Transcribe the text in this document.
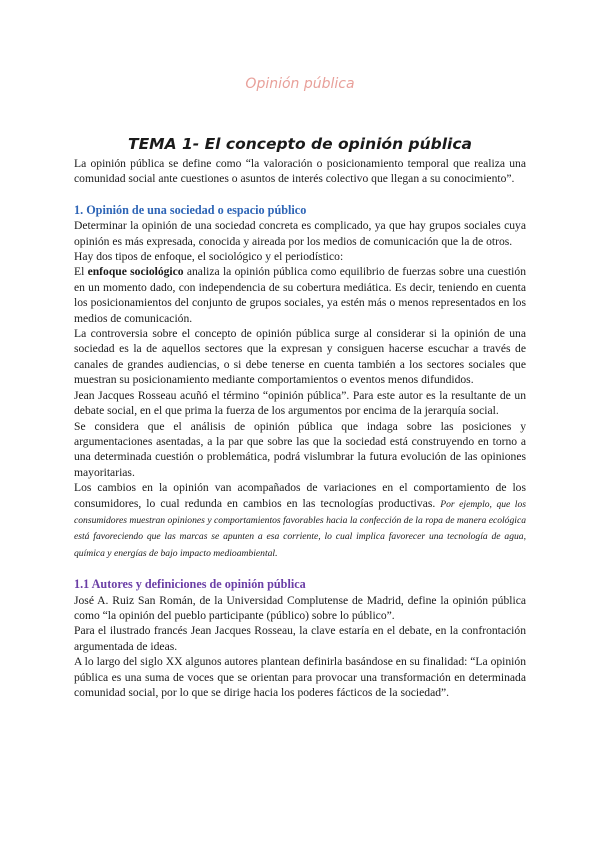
Opinión pública
TEMA 1- El concepto de opinión pública

La opinión pública se define como “la valoración o posicionamiento temporal que realiza una comunidad social ante cuestiones o asuntos de interés colectivo que llegan a su conocimiento”.

1. Opinión de una sociedad o espacio público

Determinar la opinión de una sociedad concreta es complicado, ya que hay grupos sociales cuya opinión es más expresada, conocida y aireada por los medios de comunicación que la de otros.

Hay dos tipos de enfoque, el sociológico y el periodístico:

El enfoque sociológico analiza la opinión pública como equilibrio de fuerzas sobre una cuestión en un momento dado, con independencia de su cobertura mediática. Es decir, teniendo en cuenta los posicionamientos del conjunto de grupos sociales, ya estén más o menos representados en los medios de comunicación.

La controversia sobre el concepto de opinión pública surge al considerar si la opinión de una sociedad es la de aquellos sectores que la expresan y consiguen hacerse escuchar a través de canales de grandes audiencias, o si debe tenerse en cuenta también a los sectores sociales que muestran su posicionamiento mediante comportamientos o eventos menos difundidos.

Jean Jacques Rosseau acuñó el término “opinión pública”. Para este autor es la resultante de un debate social, en el que prima la fuerza de los argumentos por encima de la jerarquía social.

Se considera que el análisis de opinión pública que indaga sobre las posiciones y argumentaciones asentadas, a la par que sobre las que la sociedad está construyendo en torno a una determinada cuestión o problemática, podrá vislumbrar la futura evolución de las opiniones mayoritarias.

Los cambios en la opinión van acompañados de variaciones en el comportamiento de los consumidores, lo cual redunda en cambios en las tecnologías productivas. Por ejemplo, que los consumidores muestran opiniones y comportamientos favorables hacia la confección de la ropa de manera ecológica está favoreciendo que las marcas se apunten a esa corriente, lo cual implica favorecer una tecnología de agua, química y energías de bajo impacto medioambiental.

1.1 Autores y definiciones de opinión pública

José A. Ruiz San Román, de la Universidad Complutense de Madrid, define la opinión pública como “la opinión del pueblo participante (público) sobre lo público”.

Para el ilustrado francés Jean Jacques Rosseau, la clave estaría en el debate, en la confrontación argumentada de ideas.

A lo largo del siglo XX algunos autores plantean definirla basándose en su finalidad: “La opinión pública es una suma de voces que se orientan para provocar una transformación en determinada comunidad social, por lo que se dirige hacia los poderes fácticos de la sociedad”.
